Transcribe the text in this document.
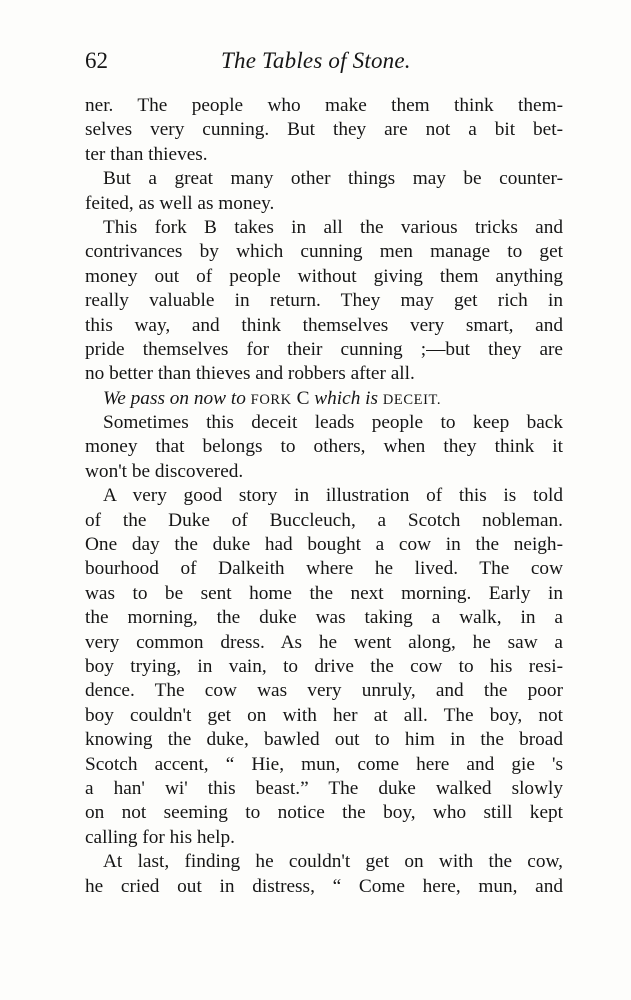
62	The Tables of Stone.
ner. The people who make them think them-
selves very cunning. But they are not a bit bet-
ter than thieves.
But a great many other things may be counter-
feited, as well as money.
This fork B takes in all the various tricks and
contrivances by which cunning men manage to get
money out of people without giving them anything
really valuable in return. They may get rich in
this way, and think themselves very smart, and
pride themselves for their cunning ;—but they are
no better than thieves and robbers after all.
We pass on now to FORK C which is DECEIT.
Sometimes this deceit leads people to keep back
money that belongs to others, when they think it
won't be discovered.
A very good story in illustration of this is told
of the Duke of Buccleuch, a Scotch nobleman.
One day the duke had bought a cow in the neigh-
bourhood of Dalkeith where he lived. The cow
was to be sent home the next morning. Early in
the morning, the duke was taking a walk, in a
very common dress. As he went along, he saw a
boy trying, in vain, to drive the cow to his resi-
dence. The cow was very unruly, and the poor
boy couldn't get on with her at all. The boy, not
knowing the duke, bawled out to him in the broad
Scotch accent, “ Hie, mun, come here and gie 's
a han' wi' this beast.” The duke walked slowly
on not seeming to notice the boy, who still kept
calling for his help.
At last, finding he couldn't get on with the cow,
he cried out in distress, “ Come here, mun, and
